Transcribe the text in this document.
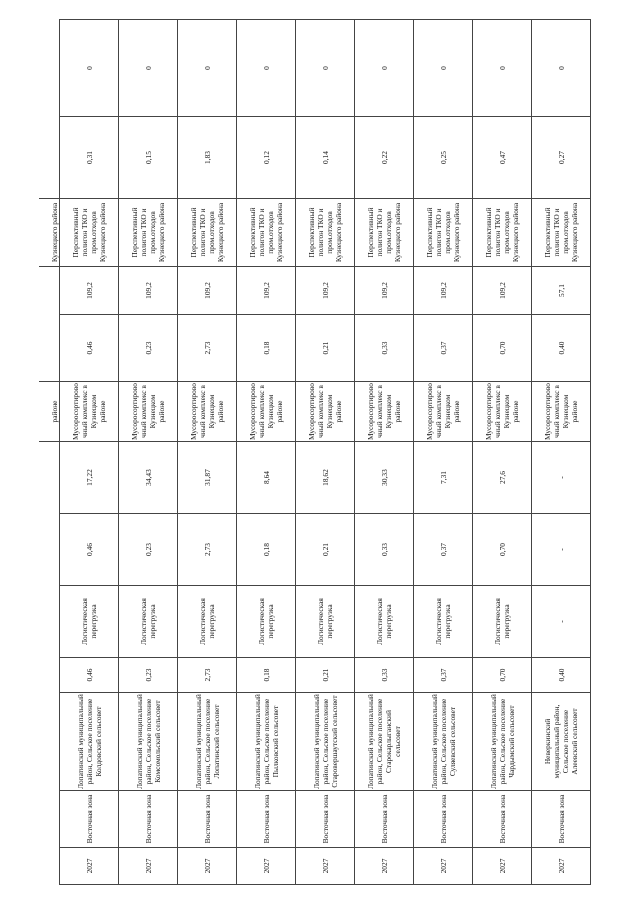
							районе			Кузнецкого района		
2027	Восточная зона	Лопатинский муниципальный район, Сельское поселение Колдовский сельсовет	0,46	Логистическая перегрузка	0,46	17,22	Мусоросортировочный комплекс в Кузнецком районе	0,46	109,2	Перспективный полигон ТКО и пром.отходов Кузнецкого района	0,31	0
2027	Восточная зона	Лопатинский муниципальный район, Сельское поселение Комсомольский сельсовет	0,23	Логистическая перегрузка	0,23	34,43	Мусоросортировочный комплекс в Кузнецком районе	0,23	109,2	Перспективный полигон ТКО и пром.отходов Кузнецкого района	0,15	0
2027	Восточная зона	Лопатинский муниципальный район, Сельское поселение Лопатинский сельсовет	2,73	Логистическая перегрузка	2,73	31,87	Мусоросортировочный комплекс в Кузнецком районе	2,73	109,2	Перспективный полигон ТКО и пром.отходов Кузнецкого района	1,83	0
2027	Восточная зона	Лопатинский муниципальный район, Сельское поселение Пылковский сельсовет	0,18	Логистическая перегрузка	0,18	8,64	Мусоросортировочный комплекс в Кузнецком районе	0,18	109,2	Перспективный полигон ТКО и пром.отходов Кузнецкого района	0,12	0
2027	Восточная зона	Лопатинский муниципальный район, Сельское поселение Старовершаутский сельсовет	0,21	Логистическая перегрузка	0,21	18,62	Мусоросортировочный комплекс в Кузнецком районе	0,21	109,2	Перспективный полигон ТКО и пром.отходов Кузнецкого района	0,14	0
2027	Восточная зона	Лопатинский муниципальный район, Сельское поселение Старокарлыганский сельсовет	0,33	Логистическая перегрузка	0,33	30,33	Мусоросортировочный комплекс в Кузнецком районе	0,33	109,2	Перспективный полигон ТКО и пром.отходов Кузнецкого района	0,22	0
2027	Восточная зона	Лопатинский муниципальный район, Сельское поселение Суляевский сельсовет	0,37	Логистическая перегрузка	0,37	7,31	Мусоросортировочный комплекс в Кузнецком районе	0,37	109,2	Перспективный полигон ТКО и пром.отходов Кузнецкого района	0,25	0
2027	Восточная зона	Лопатинский муниципальный район, Сельское поселение Чардымский сельсовет	0,70	Логистическая перегрузка	0,70	27,6	Мусоросортировочный комплекс в Кузнецком районе	0,70	109,2	Перспективный полигон ТКО и пром.отходов Кузнецкого района	0,47	0
2027	Восточная зона	Неверкинский муниципальный район, Сельское поселение Алеевский сельсовет	0,40	-	-	-	Мусоросортировочный комплекс в Кузнецком районе	0,40	57,1	Перспективный полигон ТКО и пром.отходов Кузнецкого района	0,27	0
